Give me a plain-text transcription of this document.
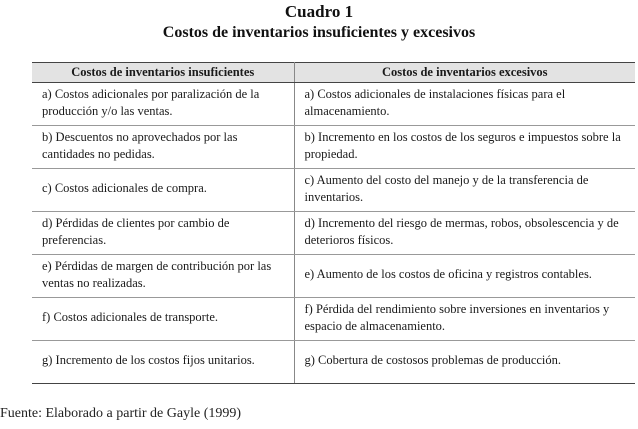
Cuadro 1
Costos de inventarios insuficientes y excesivos
Costos de inventarios insuficientes	Costos de inventarios excesivos

a) Costos adicionales por paralización de la producción y/o las ventas.	a) Costos adicionales de instalaciones físicas para el almacenamiento.

b) Descuentos no aprovechados por las cantidades no pedidas.	b) Incremento en los costos de los seguros e impuestos sobre la propiedad.

c) Costos adicionales de compra.	c) Aumento del costo del manejo y de la transferencia de inventarios.

d) Pérdidas de clientes por cambio de preferencias.	d) Incremento del riesgo de mermas, robos, obsolescencia y de deterioros físicos.

e) Pérdidas de margen de contribución por las ventas no realizadas.	e) Aumento de los costos de oficina y registros contables.

f) Costos adicionales de transporte.	f) Pérdida del rendimiento sobre inversiones en inventarios y espacio de almacenamiento.

g) Incremento de los costos fijos unitarios.	g) Cobertura de costosos problemas de producción.
Fuente: Elaborado a partir de Gayle (1999)
